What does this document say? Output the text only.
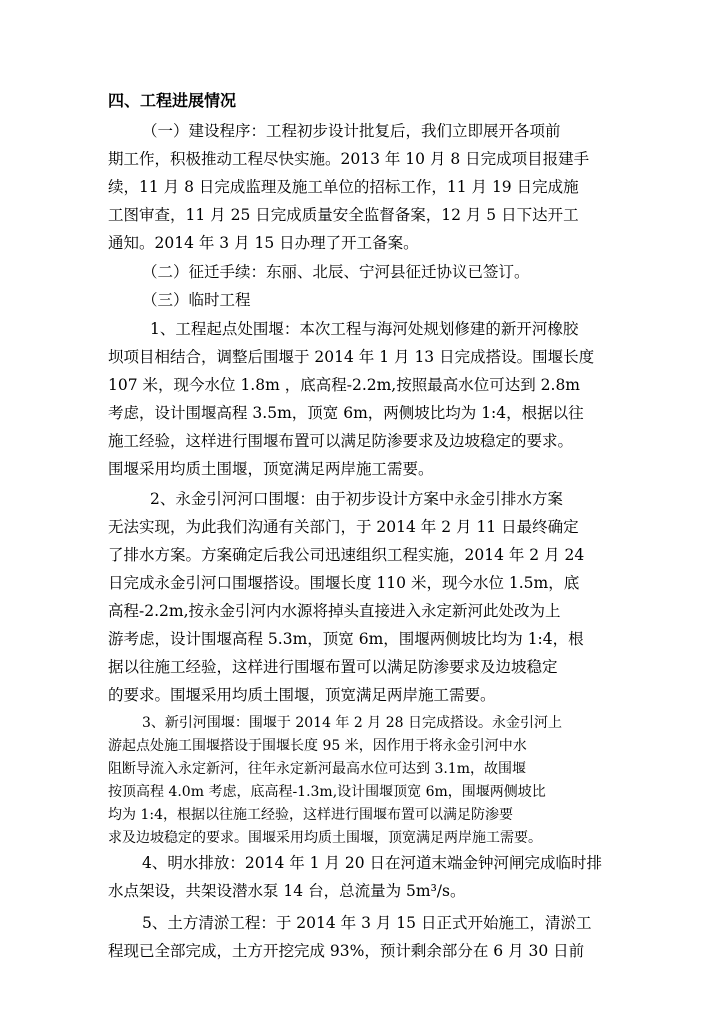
四、工程进展情况

（一）建设程序：工程初步设计批复后，我们立即展开各项前

期工作，积极推动工程尽快实施。2013 年 10 月 8 日完成项目报建手

续，11 月 8 日完成监理及施工单位的招标工作，11 月 19 日完成施

工图审查，11 月 25 日完成质量安全监督备案，12 月 5 日下达开工

通知。2014 年 3 月 15 日办理了开工备案。

（二）征迁手续：东丽、北辰、宁河县征迁协议已签订。

（三）临时工程

1、工程起点处围堰：本次工程与海河处规划修建的新开河橡胶

坝项目相结合，调整后围堰于 2014 年 1 月 13 日完成搭设。围堰长度

107 米，现今水位 1.8m ，底高程-2.2m,按照最高水位可达到 2.8m

考虑，设计围堰高程 3.5m，顶宽 6m，两侧坡比均为 1:4，根据以往

施工经验，这样进行围堰布置可以满足防渗要求及边坡稳定的要求。

围堰采用均质土围堰，顶宽满足两岸施工需要。

2、永金引河河口围堰：由于初步设计方案中永金引排水方案

无法实现，为此我们沟通有关部门，于 2014 年 2 月 11 日最终确定

了排水方案。方案确定后我公司迅速组织工程实施，2014 年 2 月 24

日完成永金引河口围堰搭设。围堰长度 110 米，现今水位 1.5m，底

高程-2.2m,按永金引河内水源将掉头直接进入永定新河此处改为上

游考虑，设计围堰高程 5.3m，顶宽 6m，围堰两侧坡比均为 1:4，根

据以往施工经验，这样进行围堰布置可以满足防渗要求及边坡稳定

的要求。围堰采用均质土围堰，顶宽满足两岸施工需要。

3、新引河围堰：围堰于 2014 年 2 月 28 日完成搭设。永金引河上

游起点处施工围堰搭设于围堰长度 95 米，因作用于将永金引河中水

阻断导流入永定新河，往年永定新河最高水位可达到 3.1m，故围堰

按顶高程 4.0m 考虑，底高程-1.3m,设计围堰顶宽 6m，围堰两侧坡比

均为 1:4，根据以往施工经验，这样进行围堰布置可以满足防渗要

求及边坡稳定的要求。围堰采用均质土围堰，顶宽满足两岸施工需要。

4、明水排放：2014 年 1 月 20 日在河道末端金钟河闸完成临时排

水点架设，共架设潜水泵 14 台，总流量为 5m³/s。

5、土方清淤工程：于 2014 年 3 月 15 日正式开始施工，清淤工

程现已全部完成，土方开挖完成 93%，预计剩余部分在 6 月 30 日前
